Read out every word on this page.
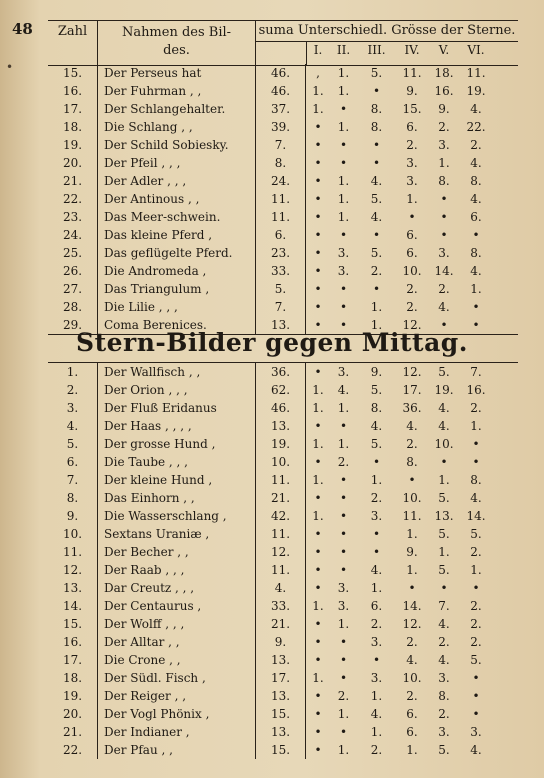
48
•
Zahl	Nahmen des Bil-
des.
suma Unterschiedl. Grösse der Sterne.
I.	II.	III.	IV.	V.	VI.
15.	Der Perseus hat	46.	,	1.	5.	11.	18.	11.
16.	Der Fuhrman , ,	46.	1.	1.	•	9.	16.	19.
17.	Der Schlangehalter.	37.	1.	•	8.	15.	9.	4.
18.	Die Schlang , ,	39.	•	1.	8.	6.	2.	22.
19.	Der Schild Sobiesky.	7.	•	•	•	2.	3.	2.
20.	Der Pfeil , , ,	8.	•	•	•	3.	1.	4.
21.	Der Adler , , ,	24.	•	1.	4.	3.	8.	8.
22.	Der Antinous , ,	11.	•	1.	5.	1.	•	4.
23.	Das Meer-schwein.	11.	•	1.	4.	•	•	6.
24.	Das kleine Pferd ,	6.	•	•	•	6.	•	•
25.	Das geflügelte Pferd.	23.	•	3.	5.	6.	3.	8.
26.	Die Andromeda ,	33.	•	3.	2.	10.	14.	4.
27.	Das Triangulum ,	5.	•	•	•	2.	2.	1.
28.	Die Lilie , , ,	7.	•	•	1.	2.	4.	•
29.	Coma Berenices.	13.	•	•	1.	12.	•	•
Stern-Bilder gegen Mittag.
1.	Der Wallfisch , ,	36.	•	3.	9.	12.	5.	7.
2.	Der Orion , , ,	62.	1.	4.	5.	17.	19.	16.
3.	Der Fluß Eridanus	46.	1.	1.	8.	36.	4.	2.
4.	Der Haas , , , ,	13.	•	•	4.	4.	4.	1.
5.	Der grosse Hund ,	19.	1.	1.	5.	2.	10.	•
6.	Die Taube , , ,	10.	•	2.	•	8.	•	•
7.	Der kleine Hund ,	11.	1.	•	1.	•	1.	8.
8.	Das Einhorn , ,	21.	•	•	2.	10.	5.	4.
9.	Die Wasserschlang ,	42.	1.	•	3.	11.	13.	14.
10.	Sextans Uraniæ ,	11.	•	•	•	1.	5.	5.
11.	Der Becher , ,	12.	•	•	•	9.	1.	2.
12.	Der Raab , , ,	11.	•	•	4.	1.	5.	1.
13.	Dar Creutz , , ,	4.	•	3.	1.	•	•	•
14.	Der Centaurus ,	33.	1.	3.	6.	14.	7.	2.
15.	Der Wolff , , ,	21.	•	1.	2.	12.	4.	2.
16.	Der Alltar , ,	9.	•	•	3.	2.	2.	2.
17.	Die Crone , ,	13.	•	•	•	4.	4.	5.
18.	Der Südl. Fisch ,	17.	1.	•	3.	10.	3.	•
19.	Der Reiger , ,	13.	•	2.	1.	2.	8.	•
20.	Der Vogl Phönix ,	15.	•	1.	4.	6.	2.	•
21.	Der Indianer ,	13.	•	•	1.	6.	3.	3.
22.	Der Pfau , ,	15.	•	1.	2.	1.	5.	4.
